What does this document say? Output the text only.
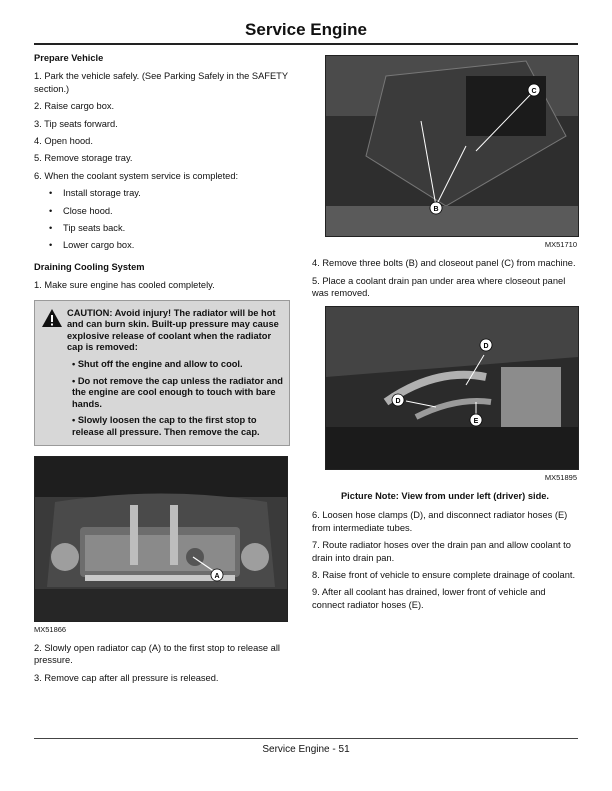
Service Engine
Prepare Vehicle
1. Park the vehicle safely. (See Parking Safely in the SAFETY section.)
2. Raise cargo box.
3. Tip seats forward.
4. Open hood.
5. Remove storage tray.
6. When the coolant system service is completed:
• Install storage tray.
• Close hood.
• Tip seats back.
• Lower cargo box.
Draining Cooling System
1. Make sure engine has cooled completely.
CAUTION: Avoid injury! The radiator will be hot and can burn skin. Built-up pressure may cause explosive release of coolant when the radiator cap is removed:
• Shut off the engine and allow to cool.
• Do not remove the cap unless the radiator and the engine are cool enough to touch with bare hands.
• Slowly loosen the cap to the first stop to release all pressure. Then remove the cap.
A
MX51866
2. Slowly open radiator cap (A) to the first stop to release all pressure.
3. Remove cap after all pressure is released.
C
B
MX51710
4. Remove three bolts (B) and closeout panel (C) from machine.
5. Place a coolant drain pan under area where closeout panel was removed.
D
D
E
MX51895
Picture Note: View from under left (driver) side.
6. Loosen hose clamps (D), and disconnect radiator hoses (E) from intermediate tubes.
7. Route radiator hoses over the drain pan and allow coolant to drain into drain pan.
8. Raise front of vehicle to ensure complete drainage of coolant.
9. After all coolant has drained, lower front of vehicle and connect radiator hoses (E).
Service Engine - 51
